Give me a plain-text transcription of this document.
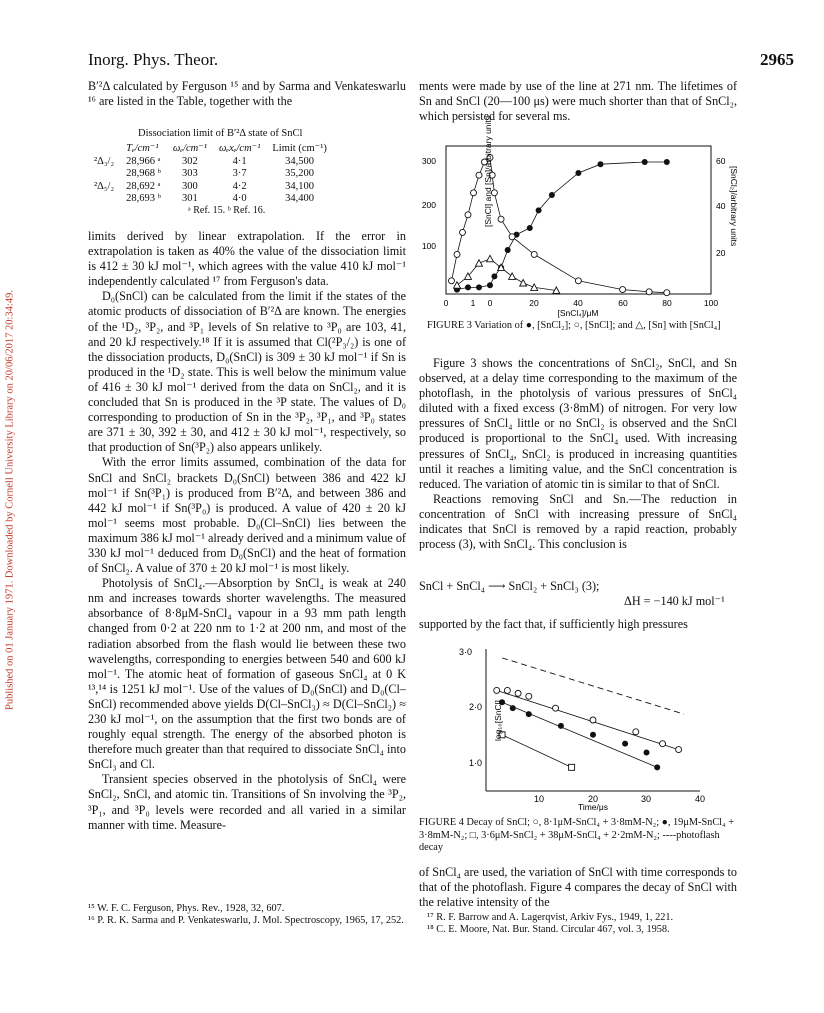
Inorg. Phys. Theor.	2965
Published on 01 January 1971. Downloaded by Cornell University Library on 20/06/2017 20:34:49.

B′²Δ calculated by Ferguson ¹⁵ and by Sarma and Venkateswarlu ¹⁶ are listed in the Table, together with the

Dissociation limit of B′²Δ state of SnCl
	Tₑ/cm⁻¹	ωₑ/cm⁻¹	ωₑxₑ/cm⁻¹	Limit (cm⁻¹)
²Δ₃/₂	28,966 ᵃ	302	4·1	34,500
	28,968 ᵇ	303	3·7	35,200
²Δ₅/₂	28,692 ᵃ	300	4·2	34,100
	28,693 ᵇ	301	4·0	34,400
ᵃ Ref. 15. ᵇ Ref. 16.

limits derived by linear extrapolation. If the error in extrapolation is taken as 40% the value of the dissociation limit is 412 ± 30 kJ mol⁻¹, which agrees with the value 410 kJ mol⁻¹ independently calculated ¹⁷ from Ferguson's data.

D₀(SnCl) can be calculated from the limit if the states of the atomic products of dissociation of B′²Δ are known. The energies of the ¹D₂, ³P₂, and ³P₁ levels of Sn relative to ³P₀ are 103, 41, and 20 kJ respectively.¹⁸ If it is assumed that Cl(²P₃/₂) is one of the dissociation products, D₀(SnCl) is 309 ± 30 kJ mol⁻¹ if Sn is produced in the ¹D₂ state. This is well below the minimum value of 416 ± 30 kJ mol⁻¹ derived from the data on SnCl₂, and it is concluded that Sn is produced in the ³P state. The values of D₀ corresponding to production of Sn in the ³P₂, ³P₁, and ³P₀ states are 371 ± 30, 392 ± 30, and 412 ± 30 kJ mol⁻¹, respectively, so that production of Sn(³P₂) also appears unlikely.

With the error limits assumed, combination of the data for SnCl and SnCl₂ brackets D₀(SnCl) between 386 and 422 kJ mol⁻¹ if Sn(³P₁) is produced from B′²Δ, and between 386 and 442 kJ mol⁻¹ if Sn(³P₀) is produced. A value of 420 ± 20 kJ mol⁻¹ seems most probable. D₀(Cl–SnCl) lies between the maximum 386 kJ mol⁻¹ already derived and a minimum value of 330 kJ mol⁻¹ deduced from D₀(SnCl) and the heat of formation of SnCl₂. A value of 370 ± 20 kJ mol⁻¹ is most likely.

Photolysis of SnCl₄.—Absorption by SnCl₄ is weak at 240 nm and increases towards shorter wavelengths. The measured absorbance of 8·8μM-SnCl₄ vapour in a 93 mm path length changed from 0·2 at 220 nm to 1·2 at 200 nm, and most of the radiation absorbed from the flash would lie between these two wavelengths, corresponding to energies between 540 and 600 kJ mol⁻¹. The atomic heat of formation of gaseous SnCl₄ at 0 K ¹³,¹⁴ is 1251 kJ mol⁻¹. Use of the values of D₀(SnCl) and D₀(Cl–SnCl) recommended above yields D(Cl–SnCl₃) ≈ D(Cl–SnCl₂) ≈ 230 kJ mol⁻¹, on the assumption that the first two bonds are of roughly equal strength. The energy of the absorbed photon is therefore much greater than that required to dissociate SnCl₄ into SnCl₃ and Cl.

Transient species observed in the photolysis of SnCl₄ were SnCl₂, SnCl, and atomic tin. Transitions of Sn involving the ³P₂, ³P₁, and ³P₀ levels were recorded and all varied in a similar manner with time. Measure-

¹⁵ W. F. C. Ferguson, Phys. Rev., 1928, 32, 607.
¹⁶ P. R. K. Sarma and P. Venkateswarlu, J. Mol. Spectroscopy, 1965, 17, 252.

ments were made by use of the line at 271 nm. The lifetimes of Sn and SnCl (20—100 μs) were much shorter than that of SnCl₂, which persisted for several ms.

[SnCl] and [Sn]/arbitrary units	[SnCl₂]/arbitrary units
100
200
300
20
40
60
0	1 0	20	40	60	80	100
[SnCl₄]/μM
FIGURE 3 Variation of ●, [SnCl₂]; ○, [SnCl]; and △, [Sn] with [SnCl₄]

Figure 3 shows the concentrations of SnCl₂, SnCl, and Sn observed, at a delay time corresponding to the maximum of the photoflash, in the photolysis of various pressures of SnCl₄ diluted with a fixed excess (3·8mM) of nitrogen. For very low pressures of SnCl₄ little or no SnCl₂ is observed and the SnCl produced is proportional to the SnCl₄ used. With increasing pressures of SnCl₄, SnCl₂ is produced in increasing quantities until it reaches a limiting value, and the SnCl concentration is reduced. The variation of atomic tin is similar to that of SnCl.

Reactions removing SnCl and Sn.—The reduction in concentration of SnCl with increasing pressure of SnCl₄ indicates that SnCl is removed by a rapid reaction, probably process (3), with SnCl₄. This conclusion is

SnCl + SnCl₄ ⟶ SnCl₂ + SnCl₃ (3);
ΔH = −140 kJ mol⁻¹

supported by the fact that, if sufficiently high pressures

3·0
2·0
1·0
log₁₀[SnCl]
10	20	30	40
Time/μs
FIGURE 4 Decay of SnCl; ○, 8·1μM-SnCl₄ + 3·8mM-N₂; ●, 19μM-SnCl₄ + 3·8mM-N₂; □, 3·6μM-SnCl₂ + 38μM-SnCl₄ + 2·2mM-N₂; ----photoflash decay

of SnCl₄ are used, the variation of SnCl with time corresponds to that of the photoflash. Figure 4 compares the decay of SnCl with the relative intensity of the

¹⁷ R. F. Barrow and A. Lagerqvist, Arkiv Fys., 1949, 1, 221.
¹⁸ C. E. Moore, Nat. Bur. Stand. Circular 467, vol. 3, 1958.
